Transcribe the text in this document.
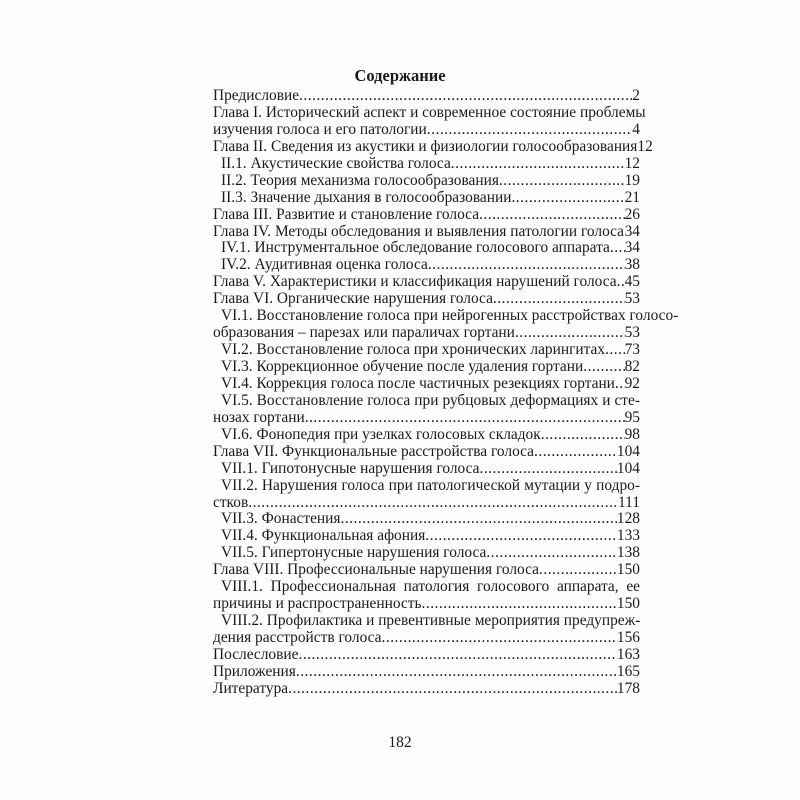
Содержание
Предисловие .....	2
Глава I. Исторический аспект и современное состояние проблемы
изучения голоса и его патологии .....	4
Глава II. Сведения из акустики и физиологии голосообразования 12
II.1. Акустические свойства голоса .....	12
II.2. Теория механизма голосообразования .....	19
II.3. Значение дыхания в голосообразовании .....	21
Глава III. Развитие и становление голоса .....	26
Глава IV. Методы обследования и выявления патологии голоса ..... 34
IV.1. Инструментальное обследование голосового аппарата ..... 34
IV.2. Аудитивная оценка голоса .....	38
Глава V. Характеристики и классификация нарушений голоса ..... 45
Глава VI. Органические нарушения голоса .....	53
VI.1. Восстановление голоса при нейрогенных расстройствах голосо-
образования – парезах или параличах гортани .....	53
VI.2. Восстановление голоса при хронических ларингитах ..... 73
VI.3. Коррекционное обучение после удаления гортани .....	82
VI.4. Коррекция голоса после частичных резекциях гортани ..... 92
VI.5. Восстановление голоса при рубцовых деформациях и сте-
нозах гортани .....	95
VI.6. Фонопедия при узелках голосовых складок .....	98
Глава VII. Функциональные расстройства голоса .....	104
VII.1. Гипотонусные нарушения голоса .....	104
VII.2. Нарушения голоса при патологической мутации у подро-
стков .....	111
VII.3. Фонастения .....	128
VII.4. Функциональная афония .....	133
VII.5. Гипертонусные нарушения голоса .....	138
Глава VIII. Профессиональные нарушения голоса .....	150
VIII.1. Профессиональная патология голосового аппарата, ее
причины и распространенность .....	150
VIII.2. Профилактика и превентивные мероприятия предупреж-
дения расстройств голоса .....	156
Послесловие .....	163
Приложения .....	165
Литература .....	178
182
